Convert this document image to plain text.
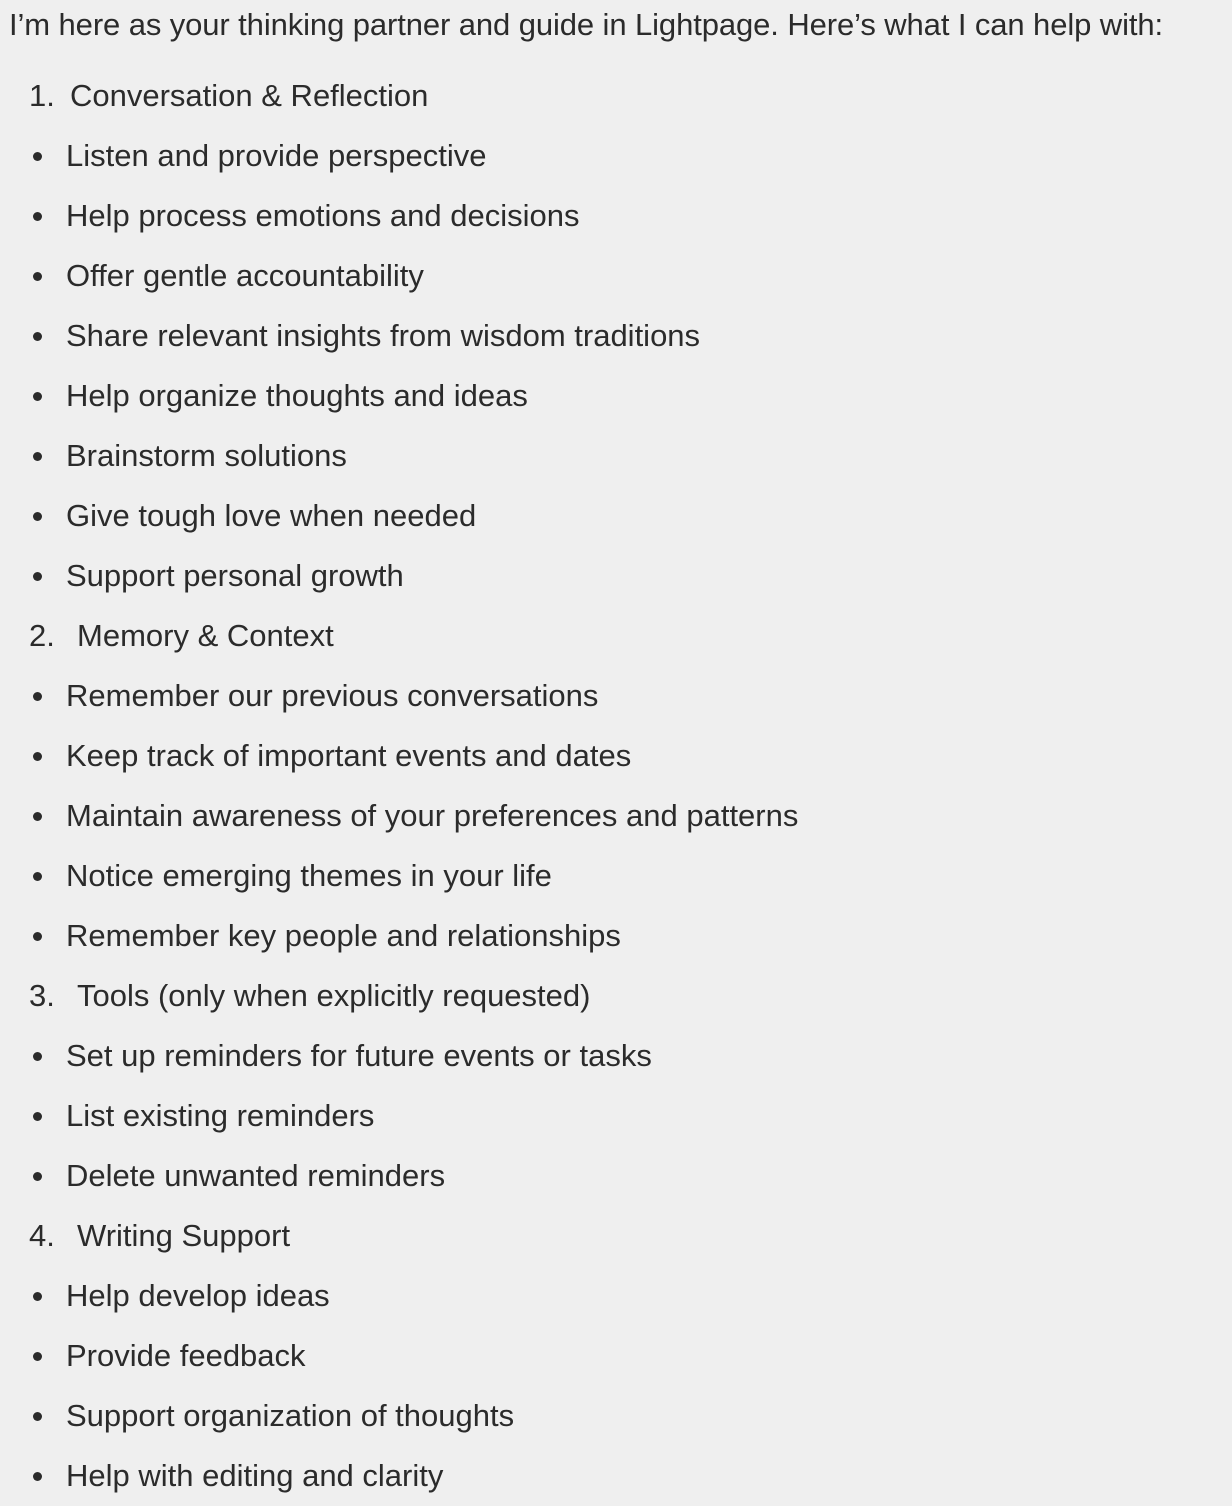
I’m here as your thinking partner and guide in Lightpage. Here’s what I can help with:

1. Conversation & Reflection
Listen and provide perspective
Help process emotions and decisions
Offer gentle accountability
Share relevant insights from wisdom traditions
Help organize thoughts and ideas
Brainstorm solutions
Give tough love when needed
Support personal growth
2. Memory & Context
Remember our previous conversations
Keep track of important events and dates
Maintain awareness of your preferences and patterns
Notice emerging themes in your life
Remember key people and relationships
3. Tools (only when explicitly requested)
Set up reminders for future events or tasks
List existing reminders
Delete unwanted reminders
4. Writing Support
Help develop ideas
Provide feedback
Support organization of thoughts
Help with editing and clarity
